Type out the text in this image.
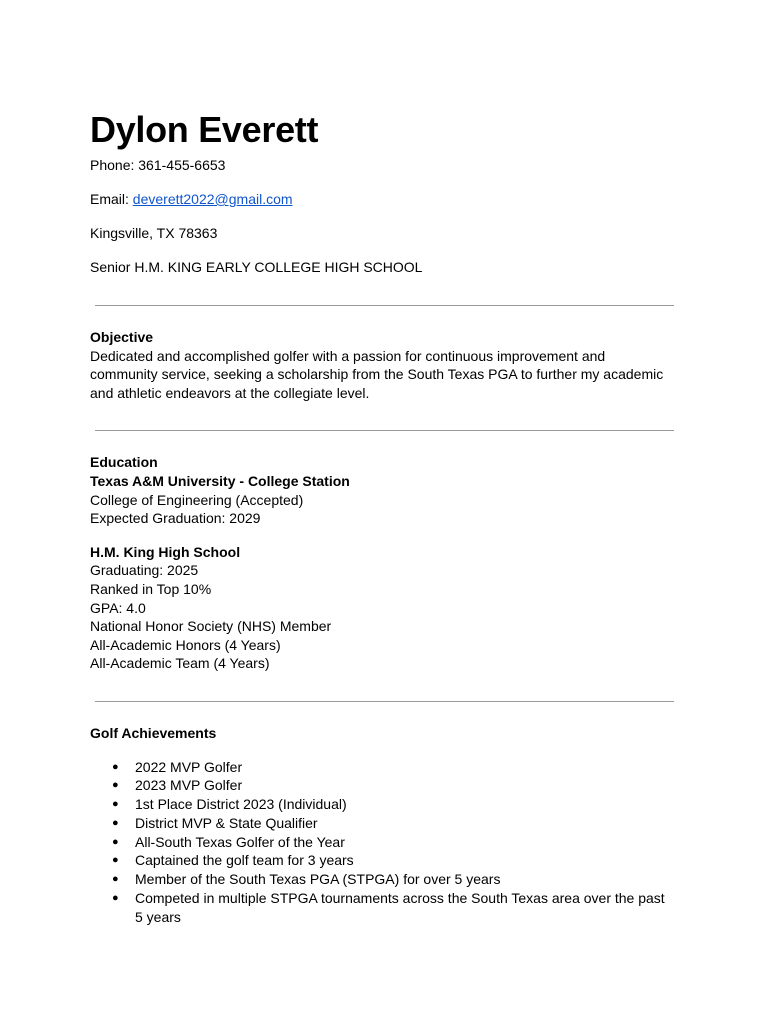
Dylon Everett

Phone: 361-455-6653

Email: deverett2022@gmail.com

Kingsville, TX 78363

Senior H.M. KING EARLY COLLEGE HIGH SCHOOL

Objective

Dedicated and accomplished golfer with a passion for continuous improvement and community service, seeking a scholarship from the South Texas PGA to further my academic and athletic endeavors at the collegiate level.

Education

Texas A&M University - College Station

College of Engineering (Accepted)

Expected Graduation: 2029

H.M. King High School

Graduating: 2025

Ranked in Top 10%

GPA: 4.0

National Honor Society (NHS) Member

All-Academic Honors (4 Years)

All-Academic Team (4 Years)

Golf Achievements

● 2022 MVP Golfer
● 2023 MVP Golfer
● 1st Place District 2023 (Individual)
● District MVP & State Qualifier
● All-South Texas Golfer of the Year
● Captained the golf team for 3 years
● Member of the South Texas PGA (STPGA) for over 5 years
● Competed in multiple STPGA tournaments across the South Texas area over the past 5 years
